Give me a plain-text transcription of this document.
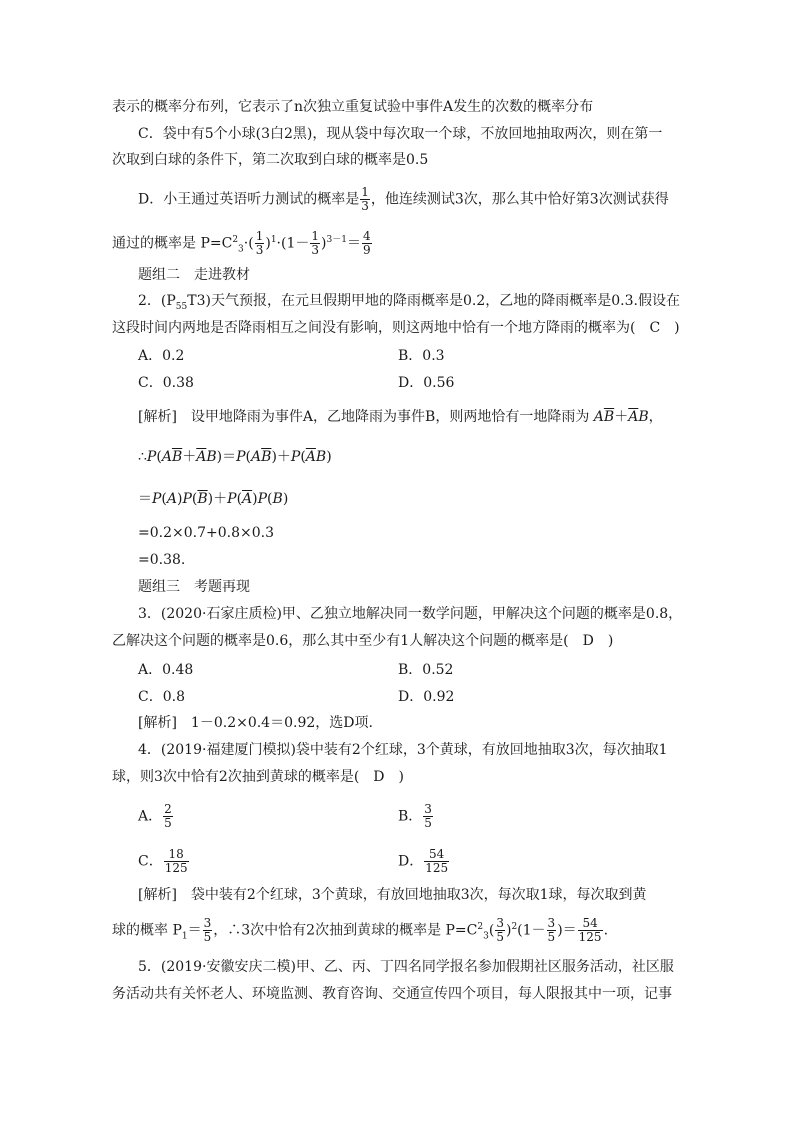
表示的概率分布列，它表示了n次独立重复试验中事件A发生的次数的概率分布
C．袋中有5个小球(3白2黑)，现从袋中每次取一个球，不放回地抽取两次，则在第一
次取到白球的条件下，第二次取到白球的概率是0.5
D．小王通过英语听力测试的概率是 $\frac{1}{3}$ ，他连续测试3次，那么其中恰好第3次测试获得
通过的概率是 $P=C^2_3\cdot( \frac{1}{3} )^1\cdot(1- \frac{1}{3} )^{3-1}= \frac{4}{9}$
题组二　走进教材
2．$(P_{55}T3)$天气预报，在元旦假期甲地的降雨概率是0.2，乙地的降雨概率是0.3.假设在
这段时间内两地是否降雨相互之间没有影响，则这两地中恰有一个地方降雨的概率为(　C　)
A．0.2	B．0.3
C．0.38	D．0.56
[解析]　设甲地降雨为事件A，乙地降雨为事件B，则两地恰有一地降雨为 $A\overline{B}+\overline{A}B$，
$\therefore P(A\overline{B}+\overline{A}B)=P(A\overline{B})+P(\overline{A}B)$
$=P(A)P(\overline{B})+P(\overline{A})P(B)$
=0.2×0.7+0.8×0.3
=0.38.
题组三　考题再现
3．(2020·石家庄质检)甲、乙独立地解决同一数学问题，甲解决这个问题的概率是0.8，
乙解决这个问题的概率是0.6，那么其中至少有1人解决这个问题的概率是(　D　)
A．0.48	B．0.52
C．0.8	D．0.92
[解析]　1－0.2×0.4＝0.92，选D项.
4．(2019·福建厦门模拟)袋中装有2个红球，3个黄球，有放回地抽取3次，每次抽取1
球，则3次中恰有2次抽到黄球的概率是(　D　)
A． $\frac{2}{5}$	B． $\frac{3}{5}$
C． $\frac{18}{125}$	D． $\frac{54}{125}$
[解析]　袋中装有2个红球，3个黄球，有放回地抽取3次，每次取1球，每次取到黄
球的概率 $P_1= \frac{3}{5}$ ，∴3次中恰有2次抽到黄球的概率是 $P=C^2_3( \frac{3}{5} )^2(1- \frac{3}{5}$ )＝ $\frac{54}{125}$ .
5．(2019·安徽安庆二模)甲、乙、丙、丁四名同学报名参加假期社区服务活动，社区服
务活动共有关怀老人、环境监测、教育咨询、交通宣传四个项目，每人限报其中一项，记事
